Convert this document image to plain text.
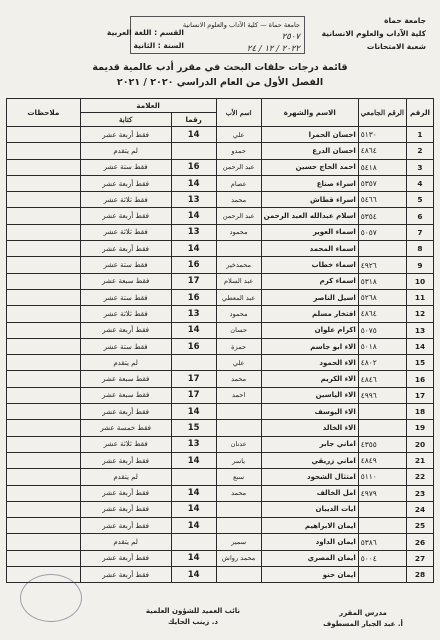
جامعة حماة
كلية الآداب والعلوم الانسانية
شعبة الامتحانات
جامعة حماة — كلية الآداب والعلوم الانسانية
٢٥٠٧
٢٠٢٢ / ١٢ / ٢٤
القسم : اللغة العربية
السنة : الثانية
قائمة درجات حلقات البحث في مقرر أدب عالمية قديمة
الفصل الأول من العام الدراسي ٢٠٢٠ / ٢٠٢١
الرقم	الرقم الجامعي	الاسم والشهرة	اسم الأب	العلامة		ملاحظات
				رقما	كتابة	
1	٥١٣٠	احسان الحمرا	علي	14	فقط أربعة عشر	
2	٤٨٦٤	احسان الدرع	حمدو		لم يتقدم	
3	٥٤١٨	احمد الحاج حسين	عبد الرحمن	16	فقط ستة عشر	
4	٥٣٥٧	اسراء صناع	عصام	14	فقط أربعة عشر	
5	٥٤٦٦	اسراء قطاش	محمد	13	فقط ثلاثة عشر	
6	٥٣٥٤	اسلام عبدالله العبد الرحمن	عبد الرحمن	14	فقط أربعة عشر	
7	٥٠٥٧	اسماء العوير	محمود	13	فقط ثلاثة عشر	
8		اسماء المحمد		14	فقط أربعة عشر	
9	٤٩٢٦	اسماء خطاب	محمدخير	16	فقط ستة عشر	
10	٥٣١٨	اسماء كرم	عبد السلام	17	فقط سبعة عشر	
11	٥٢٦٨	اسيل الناصر	عبد المعطي	16	فقط ستة عشر	
12	٤٨٦٤	افتخار مسلم	محمود	13	فقط ثلاثة عشر	
13	٥٠٧٥	اكرام علوان	حسان	14	فقط أربعة عشر	
14	٥٠١٨	الاء ابو جاسم	حمزة	16	فقط ستة عشر	
15	٤٨٠٢	الاء الحمود	علي		لم يتقدم	
16	٤٨٤٦	الاء الكريم	محمد	17	فقط سبعة عشر	
17	٤٩٩٦	الاء الياسين	احمد	17	فقط سبعة عشر	
18		الاء اليوسف		14	فقط أربعة عشر	
19		الاء الخالد		15	فقط خمسة عشر	
20	٤٣٥٥	اماني جابر	عدنان	13	فقط ثلاثة عشر	
21	٤٨٤٩	اماني زريقي	ياسر	14	فقط أربعة عشر	
22	٥١١٠	امتثال الشحود	سبع		لم يتقدم	
23	٤٩٧٩	امل الخالف	محمد	14	فقط أربعة عشر	
24		ايات الديبان		14	فقط أربعة عشر	
25		ايمان الابراهيم		14	فقط أربعة عشر	
26	٥٣٨٦	ايمان الداود	سمير		لم يتقدم	
27	٥٠٠٤	ايمان المصري	محمد رواش	14	فقط أربعة عشر	
28		ايمان حنو		14	فقط أربعة عشر	
مدرس المقرر
أ. عبد الجبار المسطوف
نائب العميد للشؤون العلمية
د. زينب الحايك
